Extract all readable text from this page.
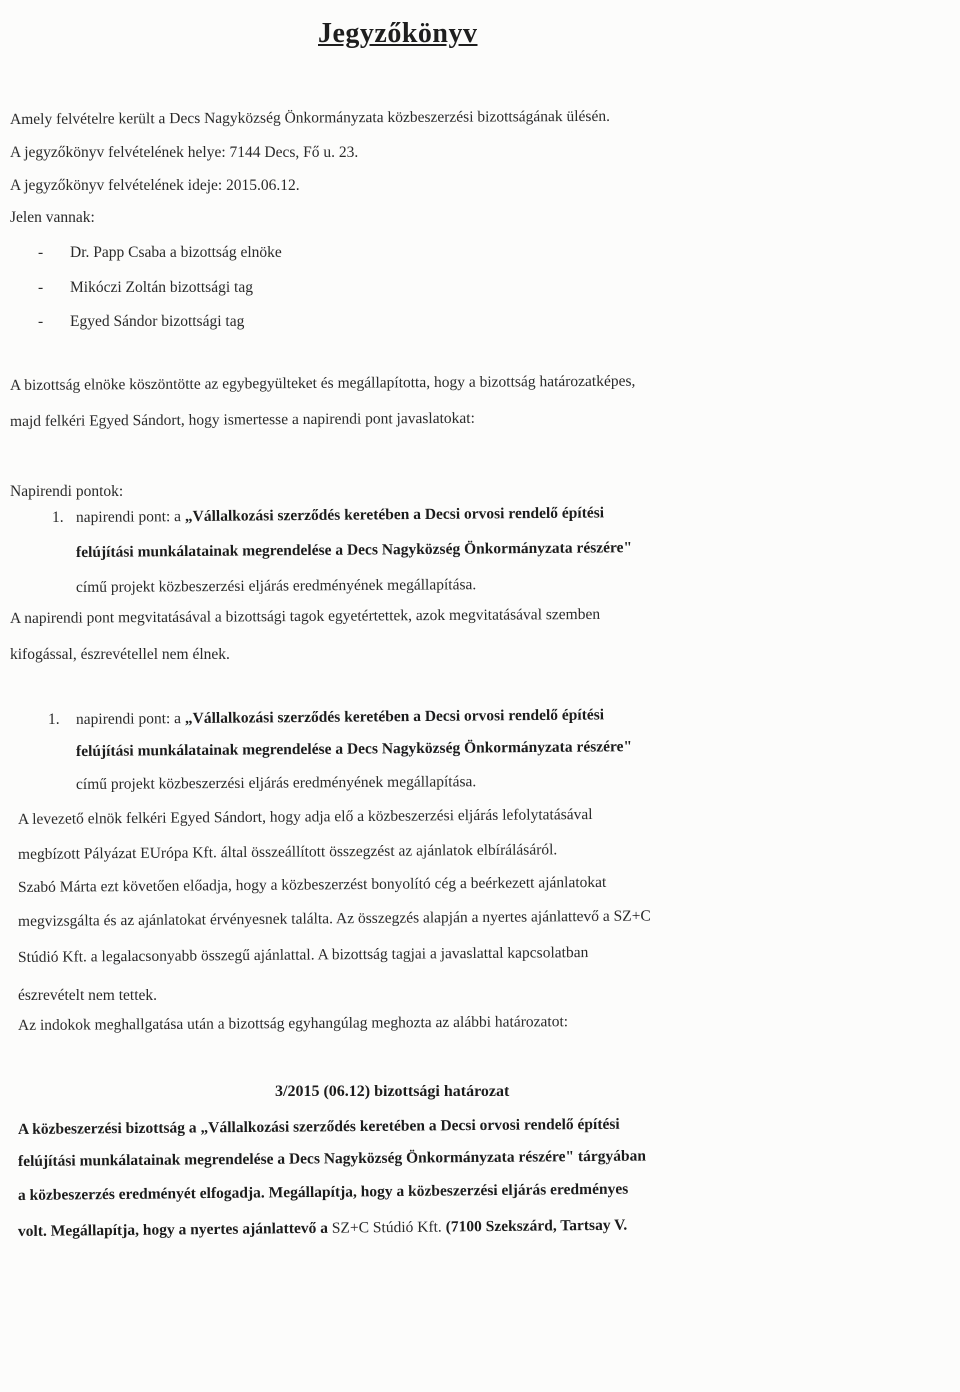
Jegyzőkönyv
Amely felvételre került a Decs Nagyközség Önkormányzata közbeszerzési bizottságának ülésén.
A jegyzőkönyv felvételének helye: 7144 Decs, Fő u. 23.
A jegyzőkönyv felvételének ideje: 2015.06.12.
Jelen vannak:
- Dr. Papp Csaba a bizottság elnöke
- Mikóczi Zoltán bizottsági tag
- Egyed Sándor bizottsági tag
A bizottság elnöke köszöntötte az egybegyülteket és megállapította, hogy a bizottság határozatképes,
majd felkéri Egyed Sándort, hogy ismertesse a napirendi pont javaslatokat:
Napirendi pontok:
1. napirendi pont: a „Vállalkozási szerződés keretében a Decsi orvosi rendelő építési
felújítási munkálatainak megrendelése a Decs Nagyközség Önkormányzata részére"
című projekt közbeszerzési eljárás eredményének megállapítása.
A napirendi pont megvitatásával a bizottsági tagok egyetértettek, azok megvitatásával szemben
kifogással, észrevétellel nem élnek.
1. napirendi pont: a „Vállalkozási szerződés keretében a Decsi orvosi rendelő építési
felújítási munkálatainak megrendelése a Decs Nagyközség Önkormányzata részére"
című projekt közbeszerzési eljárás eredményének megállapítása.
A levezető elnök felkéri Egyed Sándort, hogy adja elő a közbeszerzési eljárás lefolytatásával
megbízott Pályázat EUrópa Kft. által összeállított összegzést az ajánlatok elbírálásáról.
Szabó Márta ezt követően előadja, hogy a közbeszerzést bonyolító cég a beérkezett ajánlatokat
megvizsgálta és az ajánlatokat érvényesnek találta. Az összegzés alapján a nyertes ajánlattevő a SZ+C
Stúdió Kft. a legalacsonyabb összegű ajánlattal. A bizottság tagjai a javaslattal kapcsolatban
észrevételt nem tettek.
Az indokok meghallgatása után a bizottság egyhangúlag meghozta az alábbi határozatot:
3/2015 (06.12) bizottsági határozat
A közbeszerzési bizottság a „Vállalkozási szerződés keretében a Decsi orvosi rendelő építési
felújítási munkálatainak megrendelése a Decs Nagyközség Önkormányzata részére" tárgyában
a közbeszerzés eredményét elfogadja. Megállapítja, hogy a közbeszerzési eljárás eredményes
volt. Megállapítja, hogy a nyertes ajánlattevő a SZ+C Stúdió Kft. (7100 Szekszárd, Tartsay V.
